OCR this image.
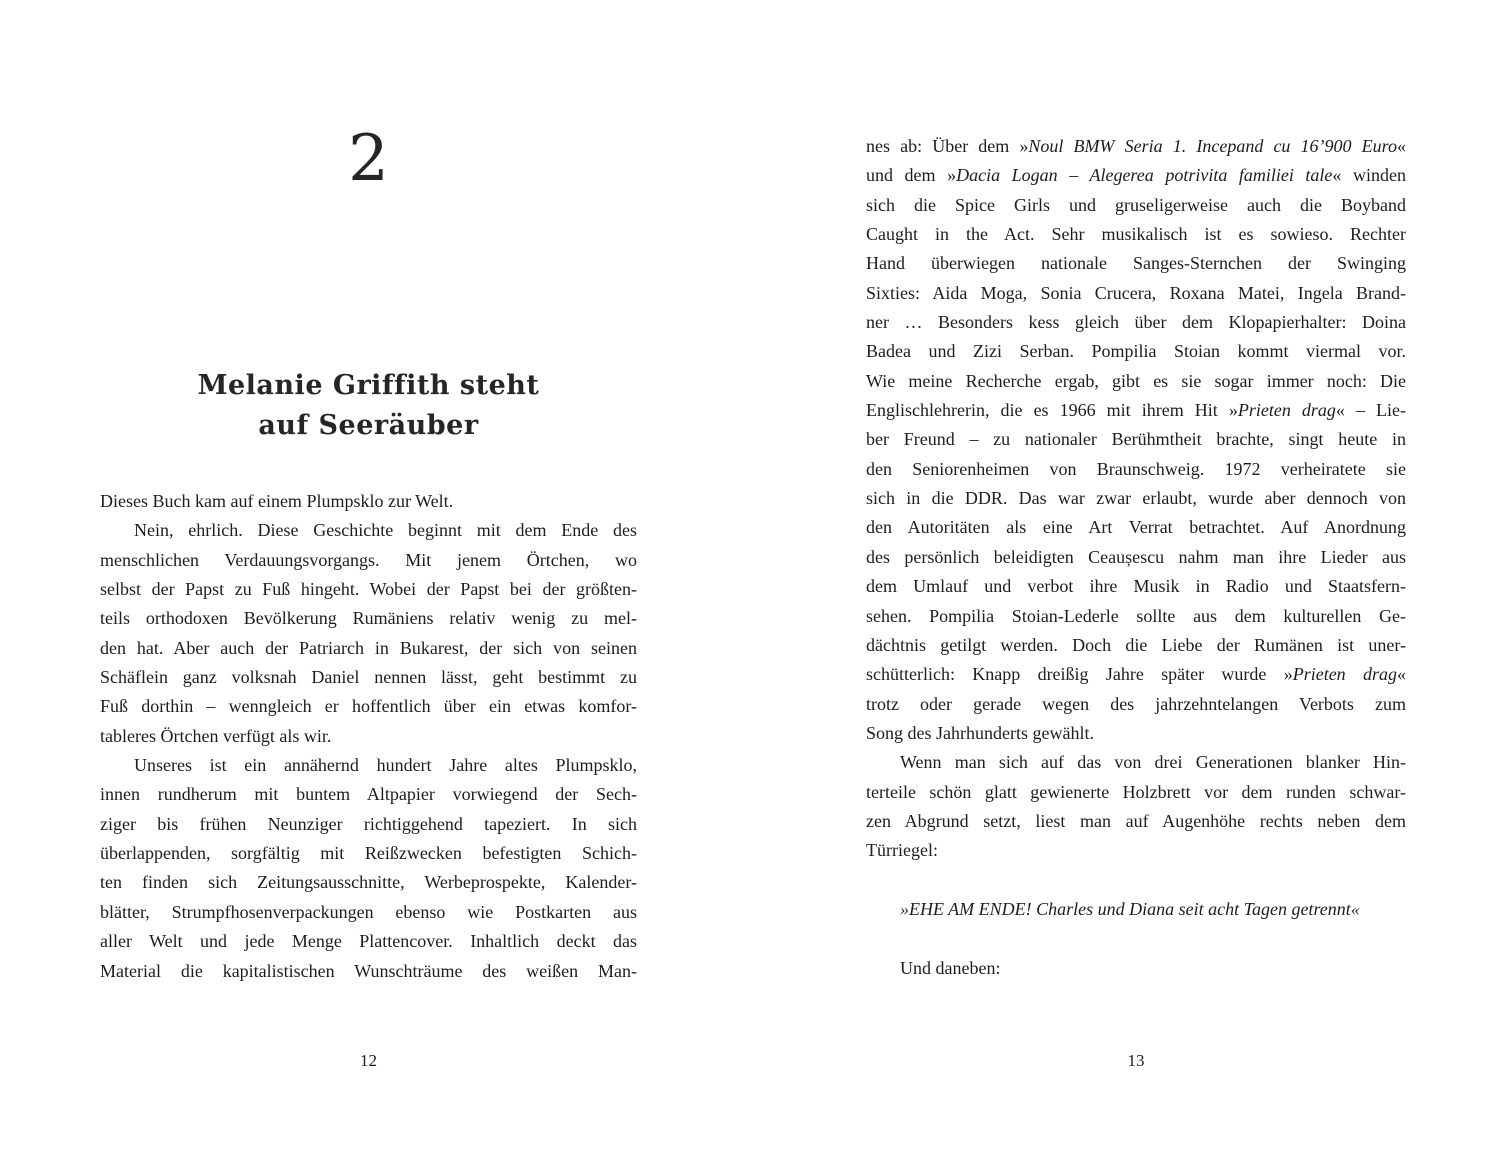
2
Melanie Griffith steht
auf Seeräuber
Dieses Buch kam auf einem Plumpsklo zur Welt.
Nein, ehrlich. Diese Geschichte beginnt mit dem Ende des
menschlichen Verdauungsvorgangs. Mit jenem Örtchen, wo
selbst der Papst zu Fuß hingeht. Wobei der Papst bei der größten-
teils orthodoxen Bevölkerung Rumäniens relativ wenig zu mel-
den hat. Aber auch der Patriarch in Bukarest, der sich von seinen
Schäflein ganz volksnah Daniel nennen lässt, geht bestimmt zu
Fuß dorthin – wenngleich er hoffentlich über ein etwas komfor-
tableres Örtchen verfügt als wir.
Unseres ist ein annähernd hundert Jahre altes Plumpsklo,
innen rundherum mit buntem Altpapier vorwiegend der Sech-
ziger bis frühen Neunziger richtiggehend tapeziert. In sich
überlappenden, sorgfältig mit Reißzwecken befestigten Schich-
ten finden sich Zeitungsausschnitte, Werbeprospekte, Kalender-
blätter, Strumpfhosenverpackungen ebenso wie Postkarten aus
aller Welt und jede Menge Plattencover. Inhaltlich deckt das
Material die kapitalistischen Wunschträume des weißen Man-
12
nes ab: Über dem »Noul BMW Seria 1. Incepand cu 16’900 Euro«
und dem »Dacia Logan – Alegerea potrivita familiei tale« winden
sich die Spice Girls und gruseligerweise auch die Boyband
Caught in the Act. Sehr musikalisch ist es sowieso. Rechter
Hand überwiegen nationale Sanges-Sternchen der Swinging
Sixties: Aida Moga, Sonia Crucera, Roxana Matei, Ingela Brand-
ner … Besonders kess gleich über dem Klopapierhalter: Doina
Badea und Zizi Serban. Pompilia Stoian kommt viermal vor.
Wie meine Recherche ergab, gibt es sie sogar immer noch: Die
Englischlehrerin, die es 1966 mit ihrem Hit »Prieten drag« – Lie-
ber Freund – zu nationaler Berühmtheit brachte, singt heute in
den Seniorenheimen von Braunschweig. 1972 verheiratete sie
sich in die DDR. Das war zwar erlaubt, wurde aber dennoch von
den Autoritäten als eine Art Verrat betrachtet. Auf Anordnung
des persönlich beleidigten Ceaușescu nahm man ihre Lieder aus
dem Umlauf und verbot ihre Musik in Radio und Staatsfern-
sehen. Pompilia Stoian-Lederle sollte aus dem kulturellen Ge-
dächtnis getilgt werden. Doch die Liebe der Rumänen ist uner-
schütterlich: Knapp dreißig Jahre später wurde »Prieten drag«
trotz oder gerade wegen des jahrzehntelangen Verbots zum
Song des Jahrhunderts gewählt.
Wenn man sich auf das von drei Generationen blanker Hin-
terteile schön glatt gewienerte Holzbrett vor dem runden schwar-
zen Abgrund setzt, liest man auf Augenhöhe rechts neben dem
Türriegel:
»EHE AM ENDE! Charles und Diana seit acht Tagen getrennt«
Und daneben:
13
